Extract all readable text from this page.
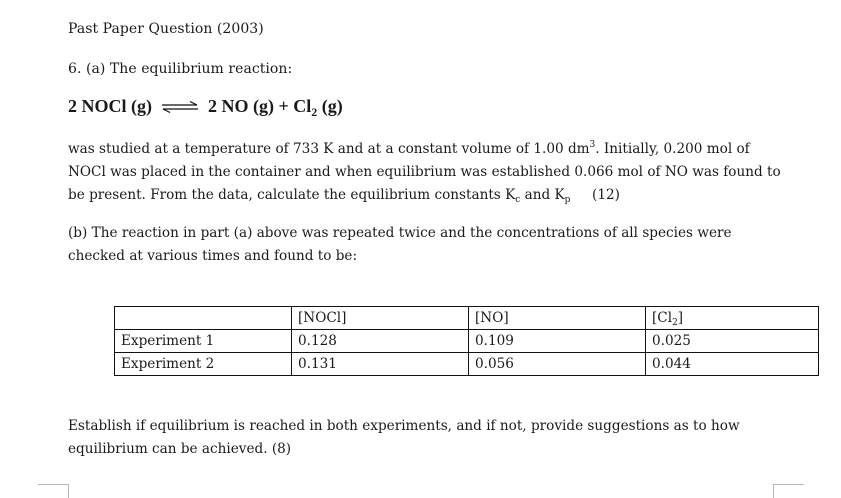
Past Paper Question (2003)
6. (a) The equilibrium reaction:
2 NOCl (g) ⇌ 2 NO $(g) + Cl_2$ (g)
was studied at a temperature of 733 K and at a constant volume of 1.00 $dm^3$. Initially, 0.200 mol of NOCl was placed in the container and when equilibrium was established 0.066 mol of NO was found to be present. From the data, calculate the equilibrium constants $K_c$ and $K_p$ (12)
(b) The reaction in part (a) above was repeated twice and the concentrations of all species were checked at various times and found to be:
	[NOCl]	[NO]	$[Cl_2]$
Experiment 1	0.128	0.109	0.025
Experiment 2	0.131	0.056	0.044
Establish if equilibrium is reached in both experiments, and if not, provide suggestions as to how equilibrium can be achieved. (8)
